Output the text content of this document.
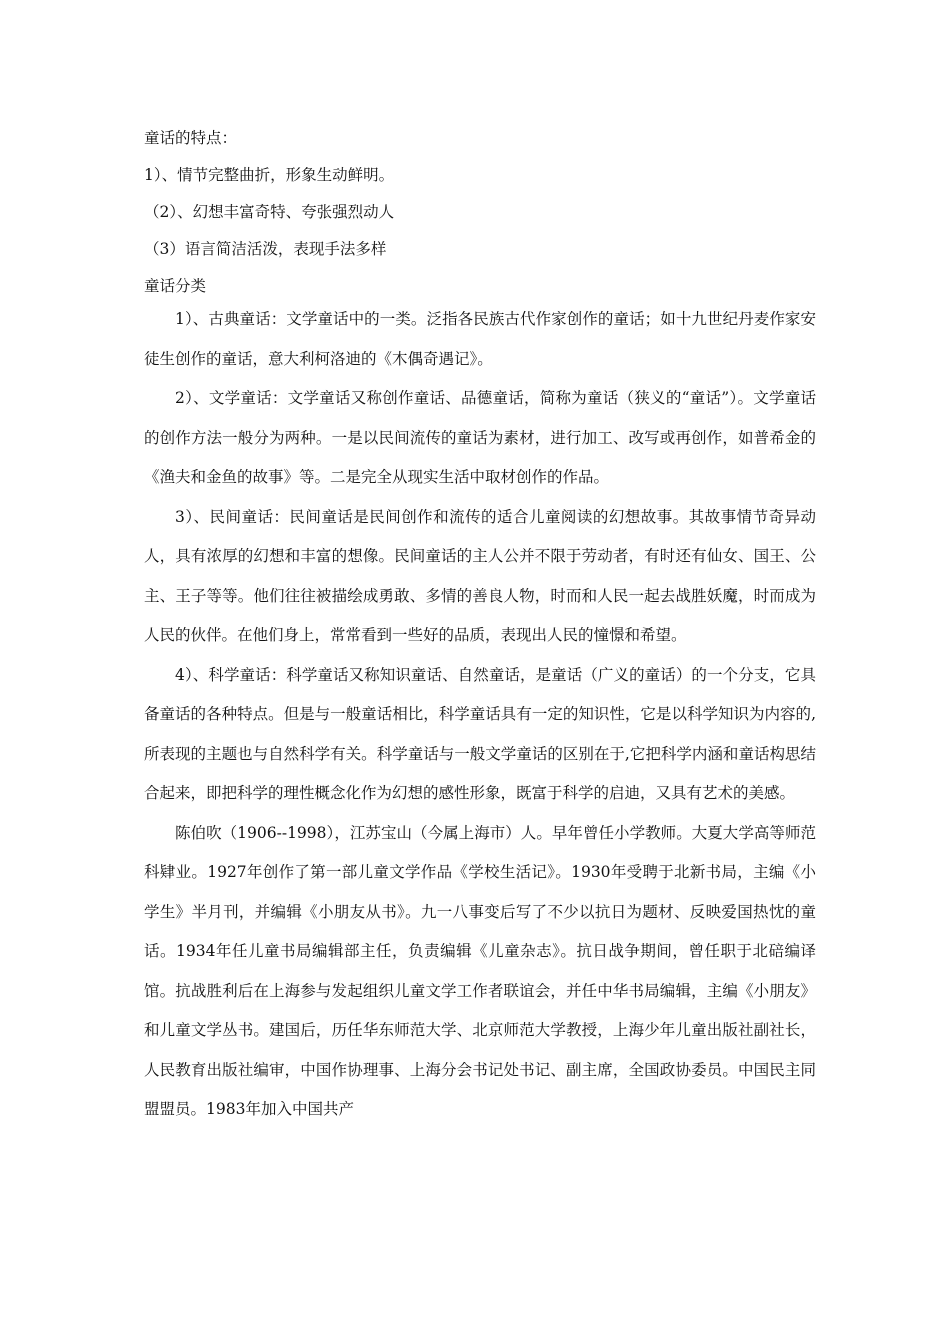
童话的特点：

1）、情节完整曲折，形象生动鲜明。

（2）、幻想丰富奇特、夸张强烈动人

（3）语言简洁活泼，表现手法多样

童话分类

1）、古典童话：文学童话中的一类。泛指各民族古代作家创作的童话；如十九世纪丹麦作家安徒生创作的童话，意大利柯洛迪的《木偶奇遇记》。

2）、文学童话：文学童话又称创作童话、品德童话，简称为童话（狭义的“童话”）。文学童话的创作方法一般分为两种。一是以民间流传的童话为素材，进行加工、改写或再创作，如普希金的《渔夫和金鱼的故事》等。二是完全从现实生活中取材创作的作品。

3）、民间童话：民间童话是民间创作和流传的适合儿童阅读的幻想故事。其故事情节奇异动人，具有浓厚的幻想和丰富的想像。民间童话的主人公并不限于劳动者，有时还有仙女、国王、公主、王子等等。他们往往被描绘成勇敢、多情的善良人物，时而和人民一起去战胜妖魔，时而成为人民的伙伴。在他们身上，常常看到一些好的品质，表现出人民的憧憬和希望。

4）、科学童话：科学童话又称知识童话、自然童话，是童话（广义的童话）的一个分支，它具备童话的各种特点。但是与一般童话相比，科学童话具有一定的知识性，它是以科学知识为内容的,所表现的主题也与自然科学有关。科学童话与一般文学童话的区别在于,它把科学内涵和童话构思结合起来，即把科学的理性概念化作为幻想的感性形象，既富于科学的启迪，又具有艺术的美感。

陈伯吹（1906--1998），江苏宝山（今属上海市）人。早年曾任小学教师。大夏大学高等师范科肄业。1927年创作了第一部儿童文学作品《学校生活记》。1930年受聘于北新书局，主编《小学生》半月刊，并编辑《小朋友从书》。九一八事变后写了不少以抗日为题材、反映爱国热忱的童话。1934年任儿童书局编辑部主任，负责编辑《儿童杂志》。抗日战争期间，曾任职于北碚编译馆。抗战胜利后在上海参与发起组织儿童文学工作者联谊会，并任中华书局编辑，主编《小朋友》和儿童文学丛书。建国后，历任华东师范大学、北京师范大学教授，上海少年儿童出版社副社长，人民教育出版社编审，中国作协理事、上海分会书记处书记、副主席，全国政协委员。中国民主同盟盟员。1983年加入中国共产
